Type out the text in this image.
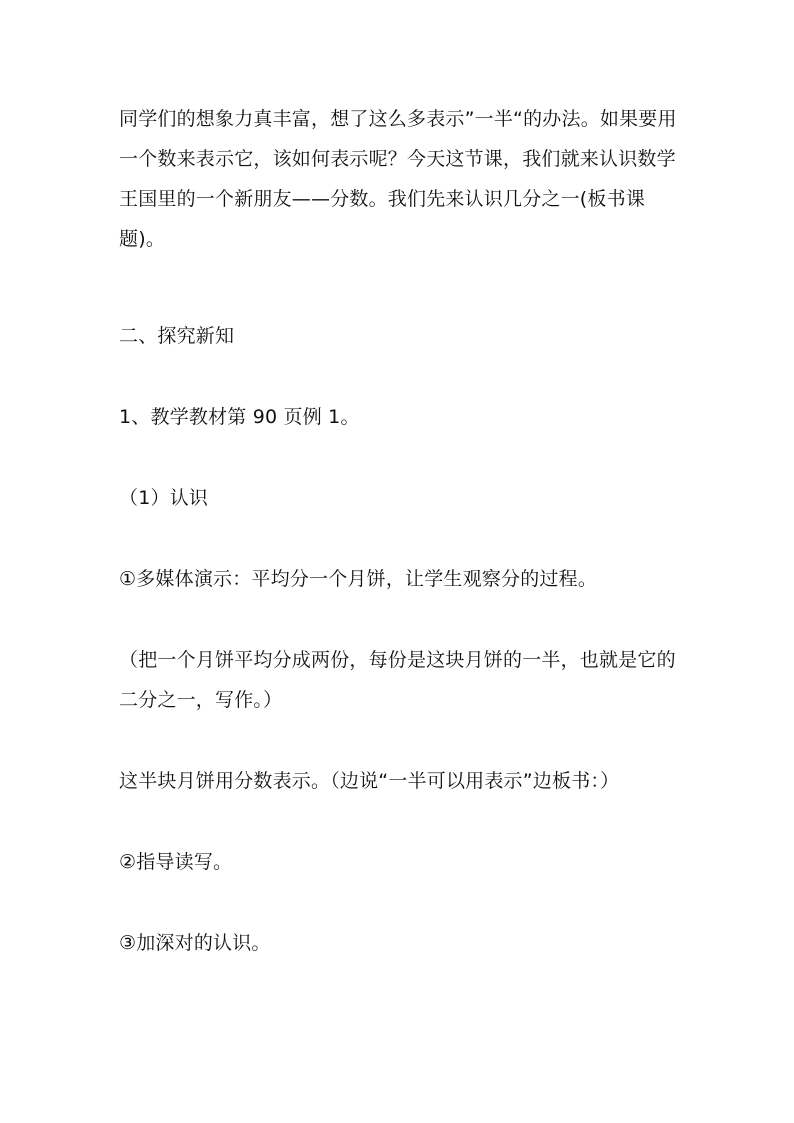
同学们的想象力真丰富，想了这么多表示”一半“的办法。如果要用一个数来表示它，该如何表示呢？今天这节课，我们就来认识数学王国里的一个新朋友——分数。我们先来认识几分之一(板书课题)。

二、探究新知

1、教学教材第 90 页例 1。

（1）认识

①多媒体演示：平均分一个月饼，让学生观察分的过程。

（把一个月饼平均分成两份，每份是这块月饼的一半，也就是它的二分之一，写作。）

这半块月饼用分数表示。（边说“一半可以用表示”边板书：）

②指导读写。

③加深对的认识。
